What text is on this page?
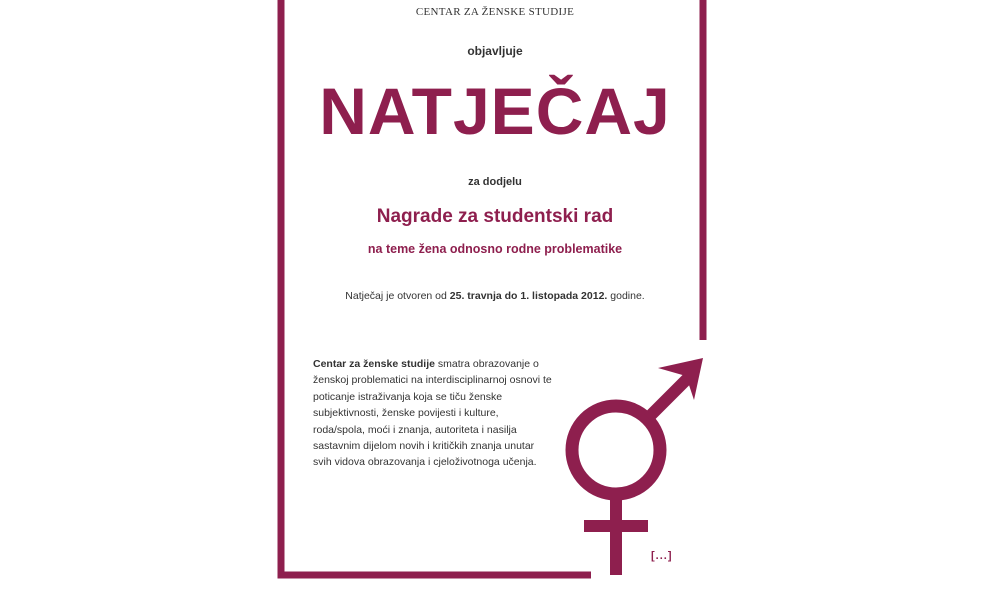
CENTAR ZA ŽENSKE STUDIJE
objavljuje
NATJEČAJ
za dodjelu
Nagrade za studentski rad
na teme žena odnosno rodne problematike
Natječaj je otvoren od 25. travnja do 1. listopada 2012. godine.
Centar za ženske studije smatra obrazovanje o ženskoj problematici na interdisciplinarnoj osnovi te poticanje istraživanja koja se tiču ženske subjektivnosti, ženske povijesti i kulture, roda/spola, moći i znanja, autoriteta i nasilja sastavnim dijelom novih i kritičkih znanja unutar svih vidova obrazovanja i cjeloživotnoga učenja.
[...]
